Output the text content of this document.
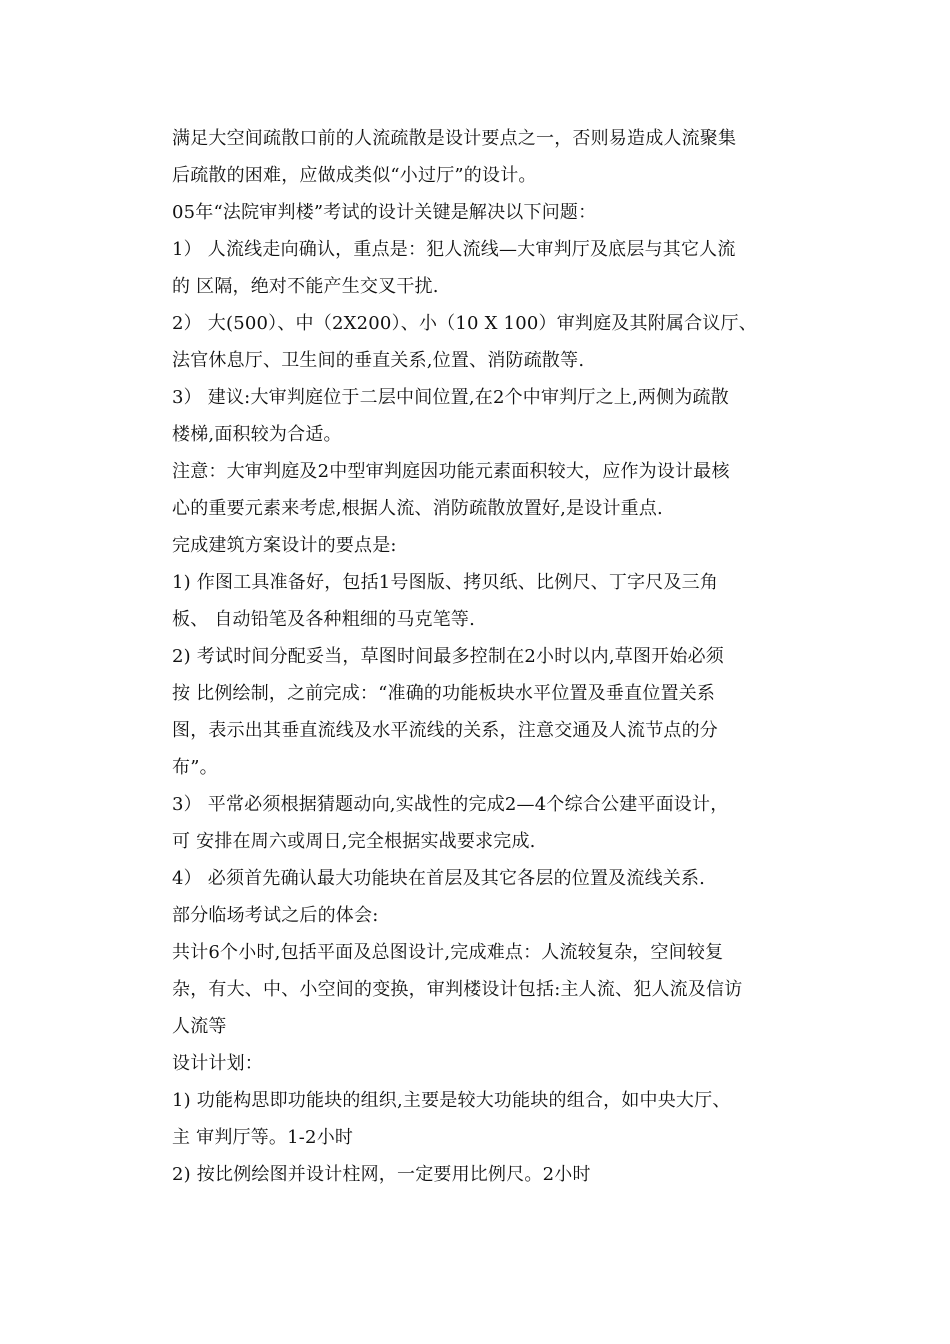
满足大空间疏散口前的人流疏散是设计要点之一，否则易造成人流聚集
后疏散的困难，应做成类似“小过厅”的设计。
05年“法院审判楼”考试的设计关键是解决以下问题：
1） 人流线走向确认，重点是：犯人流线—大审判厅及底层与其它人流
的 区隔，绝对不能产生交叉干扰.
2） 大(500）、中（2X200）、小（10 X 100）审判庭及其附属合议厅、
法官休息厅、卫生间的垂直关系,位置、消防疏散等.
3） 建议:大审判庭位于二层中间位置,在2个中审判厅之上,两侧为疏散
楼梯,面积较为合适。
注意：大审判庭及2中型审判庭因功能元素面积较大，应作为设计最核
心的重要元素来考虑,根据人流、消防疏散放置好,是设计重点.
完成建筑方案设计的要点是:
1) 作图工具准备好，包括1号图版、拷贝纸、比例尺、丁字尺及三角
板、 自动铅笔及各种粗细的马克笔等.
2) 考试时间分配妥当，草图时间最多控制在2小时以内,草图开始必须
按 比例绘制，之前完成：“准确的功能板块水平位置及垂直位置关系
图，表示出其垂直流线及水平流线的关系，注意交通及人流节点的分
布”。
3） 平常必须根据猜题动向,实战性的完成2—4个综合公建平面设计，
可 安排在周六或周日,完全根据实战要求完成.
4） 必须首先确认最大功能块在首层及其它各层的位置及流线关系.
部分临场考试之后的体会:
共计6个小时,包括平面及总图设计,完成难点：人流较复杂，空间较复
杂，有大、中、小空间的变换，审判楼设计包括:主人流、犯人流及信访
人流等
设计计划：
1) 功能构思即功能块的组织,主要是较大功能块的组合，如中央大厅、
主 审判厅等。1-2小时
2) 按比例绘图并设计柱网，一定要用比例尺。2小时
